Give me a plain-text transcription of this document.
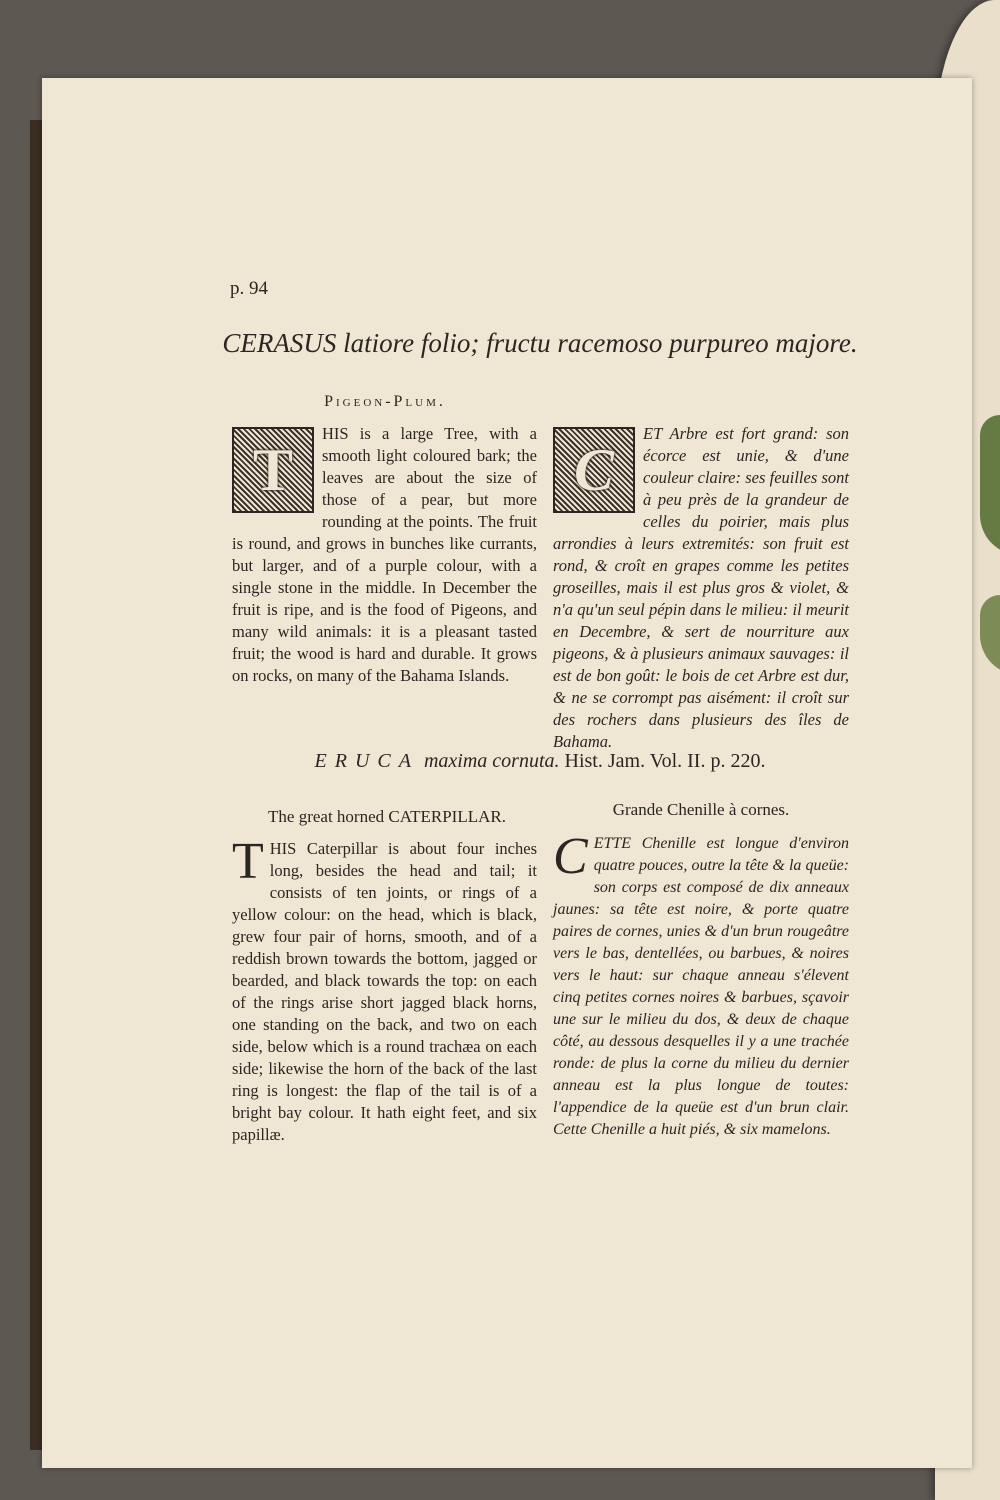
p. 94
CERASUS latiore folio; fructu racemoso purpureo majore.
Pigeon-Plum.
T
HIS is a large Tree, with a smooth light coloured bark; the leaves are about the size of those of a pear, but more rounding at the points. The fruit is round, and grows in bunches like currants, but larger, and of a purple colour, with a single stone in the middle. In December the fruit is ripe, and is the food of Pigeons, and many wild animals: it is a pleasant tasted fruit; the wood is hard and durable. It grows on rocks, on many of the Bahama Islands.
C
ET Arbre est fort grand: son écorce est unie, & d'une couleur claire: ses feuilles sont à peu près de la grandeur de celles du poirier, mais plus arrondies à leurs extremités: son fruit est rond, & croît en grapes comme les petites groseilles, mais il est plus gros & violet, & n'a qu'un seul pépin dans le milieu: il meurit en Decembre, & sert de nourriture aux pigeons, & à plusieurs animaux sauvages: il est de bon goût: le bois de cet Arbre est dur, & ne se corrompt pas aisément: il croît sur des rochers dans plusieurs des îles de Bahama.
ERUCA maxima cornuta. Hist. Jam. Vol. II. p. 220.
The great horned CATERPILLAR.	Grande Chenille à cornes.
T HIS Caterpillar is about four inches long, besides the head and tail; it consists of ten joints, or rings of a yellow colour: on the head, which is black, grew four pair of horns, smooth, and of a reddish brown towards the bottom, jagged or bearded, and black towards the top: on each of the rings arise short jagged black horns, one standing on the back, and two on each side, below which is a round trachæa on each side; likewise the horn of the back of the last ring is longest: the flap of the tail is of a bright bay colour. It hath eight feet, and six papillæ.
C ETTE Chenille est longue d'environ quatre pouces, outre la tête & la queüe: son corps est composé de dix anneaux jaunes: sa tête est noire, & porte quatre paires de cornes, unies & d'un brun rougeâtre vers le bas, dentellées, ou barbues, & noires vers le haut: sur chaque anneau s'élevent cinq petites cornes noires & barbues, sçavoir une sur le milieu du dos, & deux de chaque côté, au dessous desquelles il y a une trachée ronde: de plus la corne du milieu du dernier anneau est la plus longue de toutes: l'appendice de la queüe est d'un brun clair. Cette Chenille a huit piés, & six mamelons.
